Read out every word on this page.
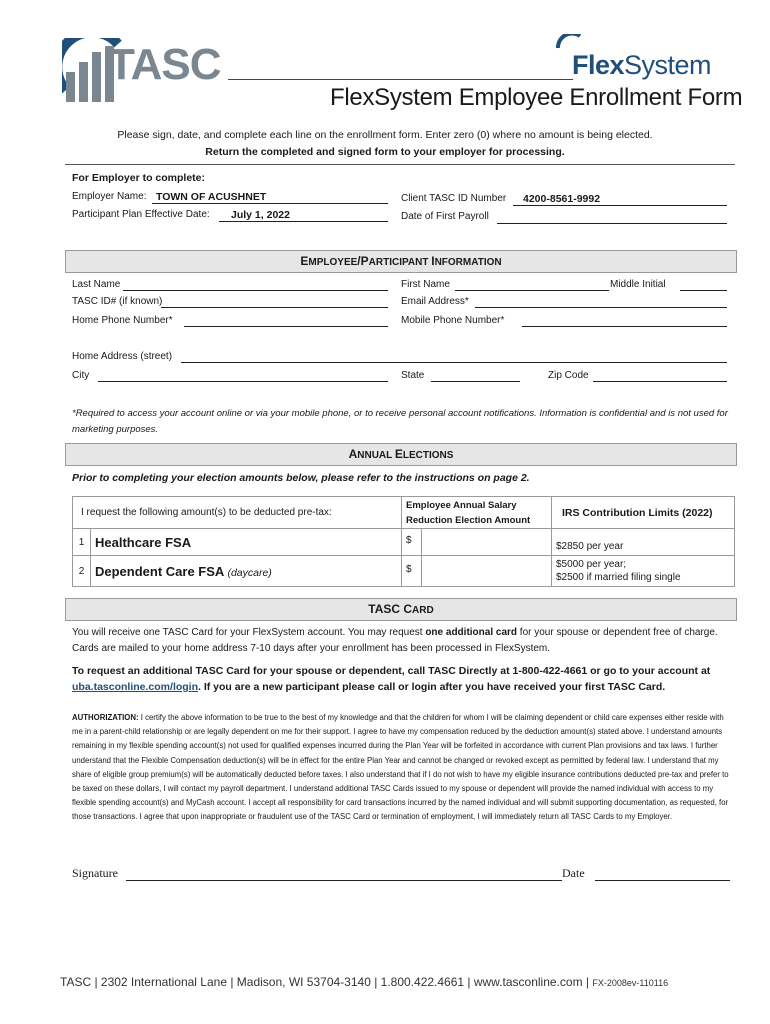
TASC	FlexSystem
FlexSystem Employee Enrollment Form
Please sign, date, and complete each line on the enrollment form. Enter zero (0) where no amount is being elected.
Return the completed and signed form to your employer for processing.
For Employer to complete:
Employer Name: TOWN OF ACUSHNET
Participant Plan Effective Date: July 1, 2022
Client TASC ID Number 4200-8561-9992
Date of First Payroll
EMPLOYEE/PARTICIPANT INFORMATION
Last Name	First Name	Middle Initial
TASC ID# (if known)	Email Address*
Home Phone Number*	Mobile Phone Number*
Home Address (street)
City	State	Zip Code
*Required to access your account online or via your mobile phone, or to receive personal account notifications. Information is confidential and is not used for marketing purposes.
ANNUAL ELECTIONS
Prior to completing your election amounts below, please refer to the instructions on page 2.
I request the following amount(s) to be deducted pre-tax:		Employee Annual Salary
Reduction Election Amount	IRS Contribution Limits (2022)
1	Healthcare FSA	$	$2850 per year

2	Dependent Care FSA (daycare)	$	$5000 per year;
$2500 if married filing single
TASC CARD
You will receive one TASC Card for your FlexSystem account. You may request one additional card for your spouse or dependent free of charge.
Cards are mailed to your home address 7-10 days after your enrollment has been processed in FlexSystem.
To request an additional TASC Card for your spouse or dependent, call TASC Directly at 1-800-422-4661 or go to your account at uba.tasconline.com/login. If you are a new participant please call or login after you have received your first TASC Card.
AUTHORIZATION: I certify the above information to be true to the best of my knowledge and that the children for whom I will be claiming dependent or child care expenses either reside with me in a parent-child relationship or are legally dependent on me for their support. I agree to have my compensation reduced by the deduction amount(s) stated above. I understand amounts remaining in my flexible spending account(s) not used for qualified expenses incurred during the Plan Year will be forfeited in accordance with current Plan provisions and tax laws. I further understand that the Flexible Compensation deduction(s) will be in effect for the entire Plan Year and cannot be changed or revoked except as permitted by federal law. I understand that my share of eligible group premium(s) will be automatically deducted before taxes. I also understand that if I do not wish to have my eligible insurance contributions deducted pre-tax and prefer to be taxed on these dollars, I will contact my payroll department. I understand additional TASC Cards issued to my spouse or dependent will provide the named individual with access to my flexible spending account(s) and MyCash account. I accept all responsibility for card transactions incurred by the named individual and will submit supporting documentation, as requested, for those transactions. I agree that upon inappropriate or fraudulent use of the TASC Card or termination of employment, I will immediately return all TASC Cards to my Employer.
Signature	Date
TASC | 2302 International Lane | Madison, WI 53704-3140 | 1.800.422.4661 | www.tasconline.com | FX-2008ev-110116
